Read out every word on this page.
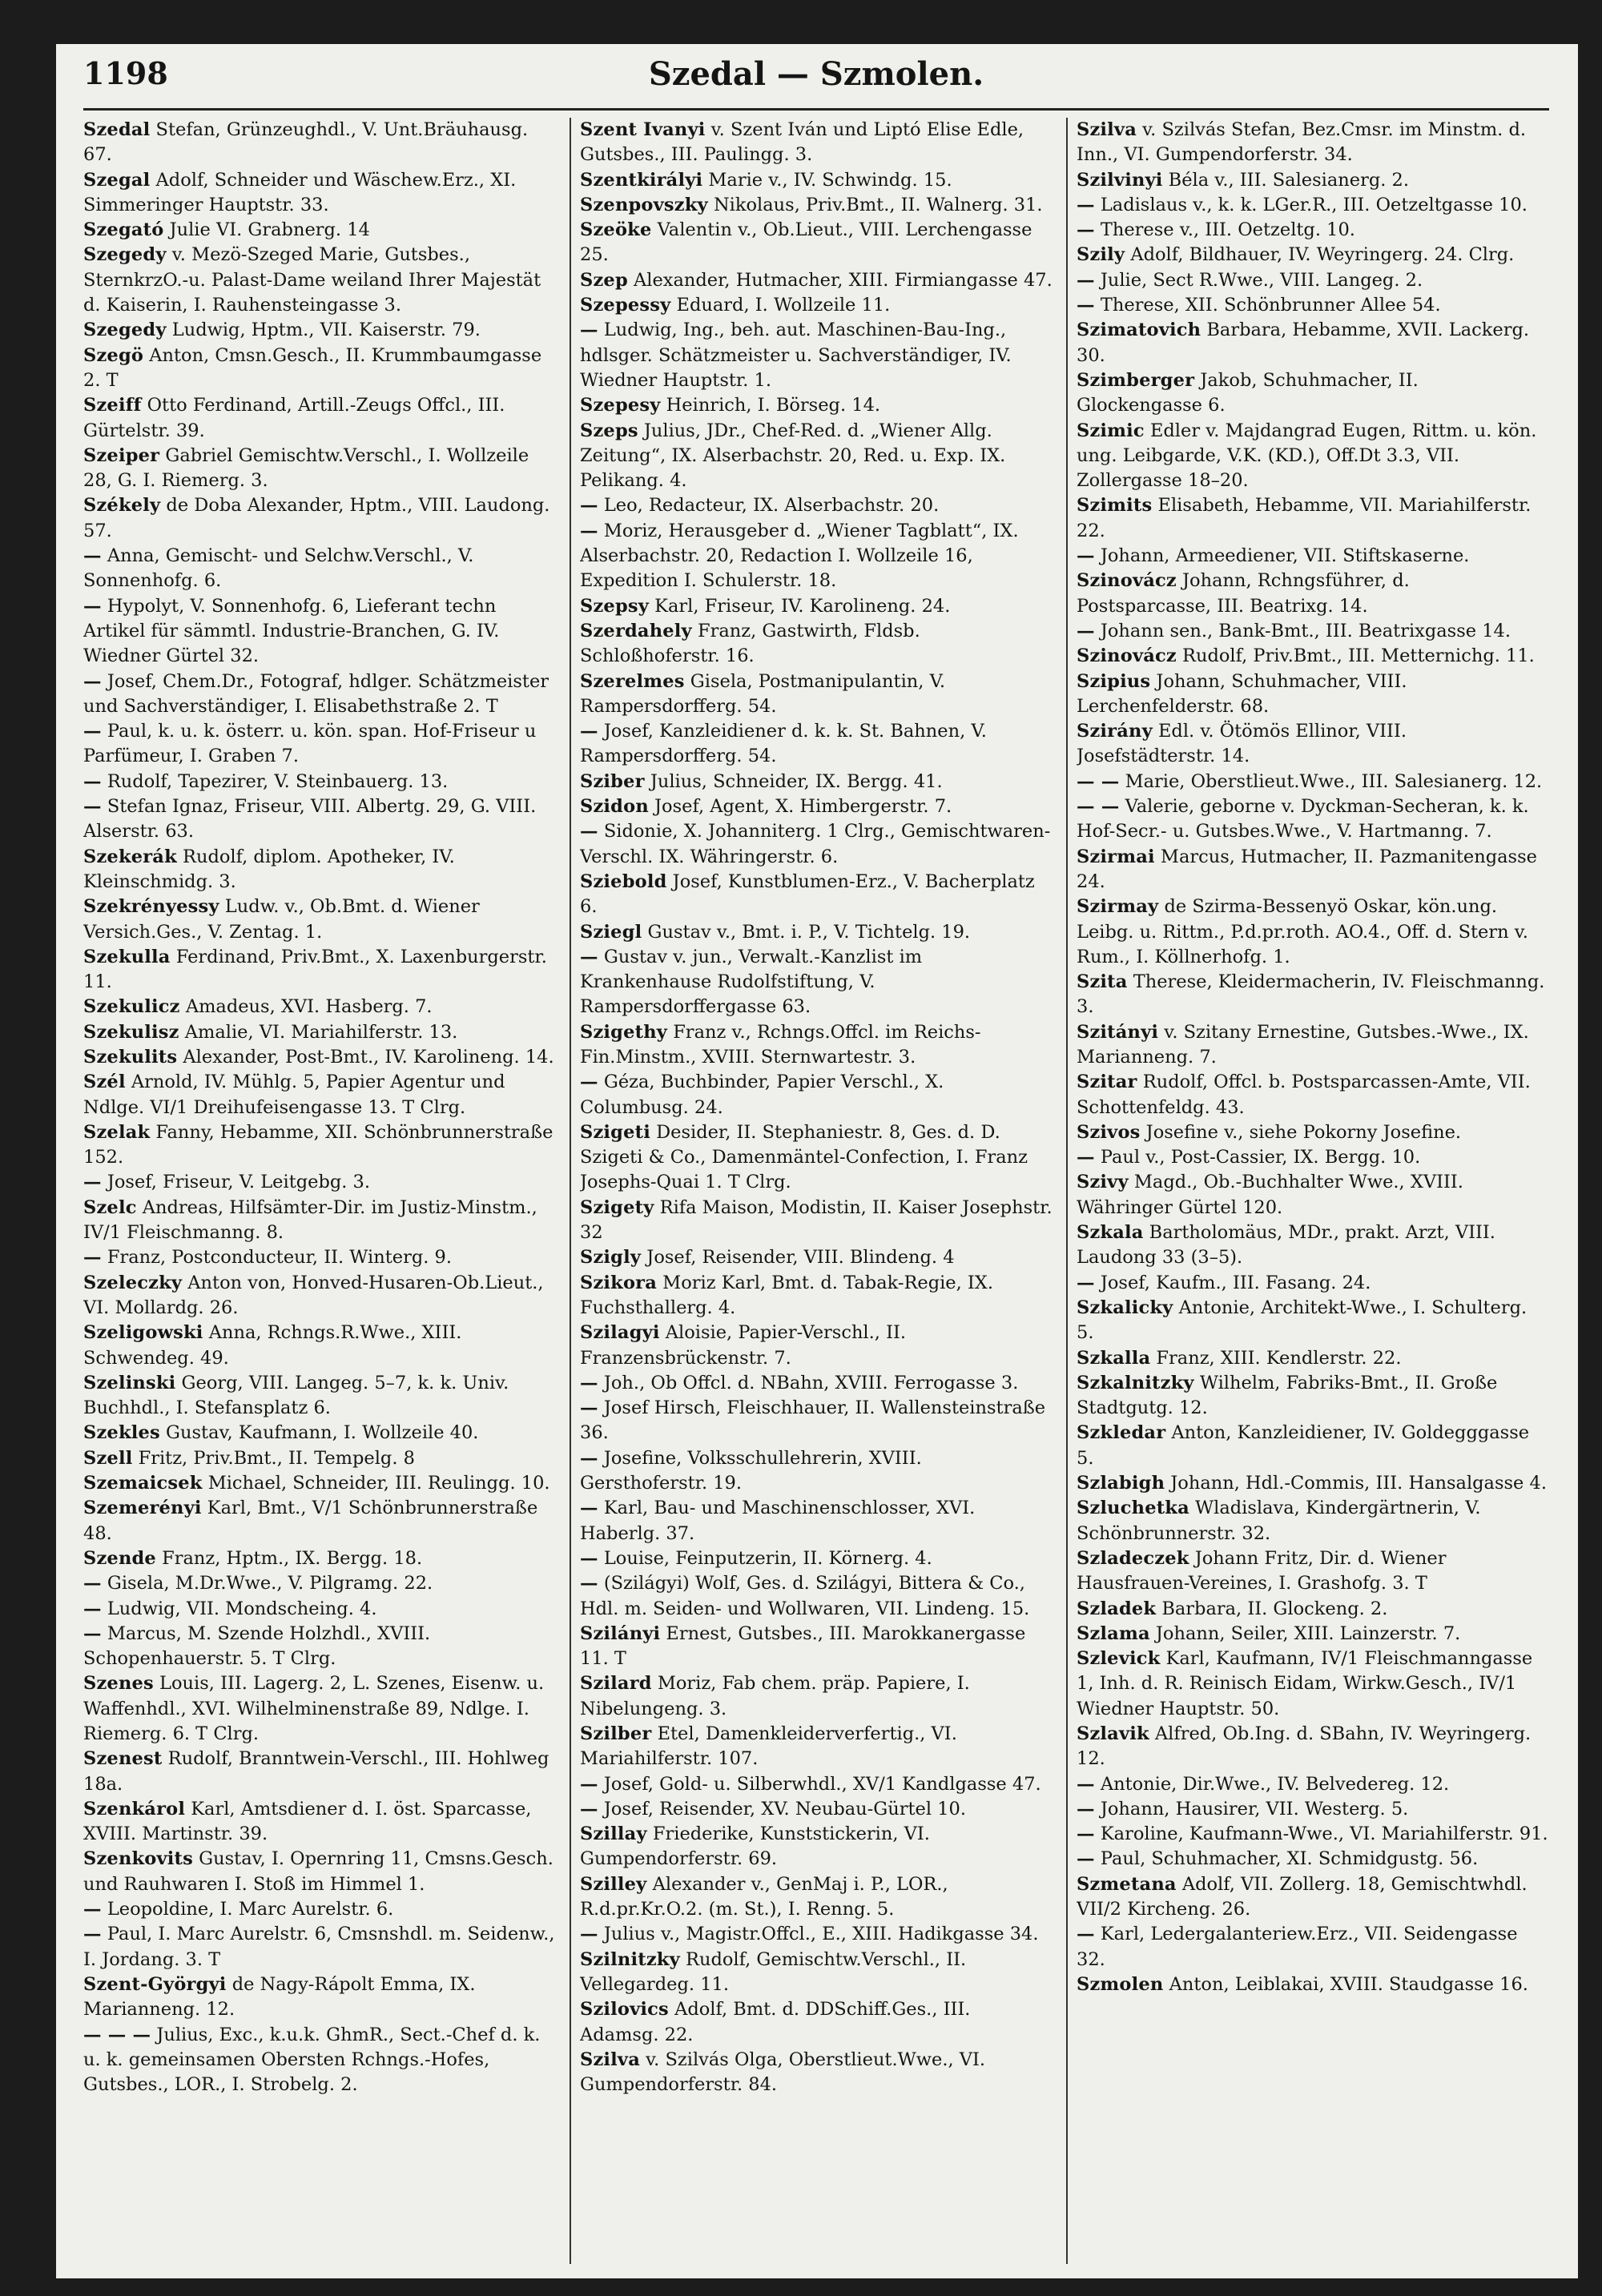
1198	Szedal — Szmolen.
Szedal Stefan, Grünzeughdl., V. Unt.Bräuhausg. 67.
Szegal Adolf, Schneider und Wäschew.Erz., XI. Simmeringer Hauptstr. 33.
Szegató Julie VI. Grabnerg. 14
Szegedy v. Mezö-Szeged Marie, Gutsbes., SternkrzO.-u. Palast-Dame weiland Ihrer Majestät d. Kaiserin, I. Rauhensteingasse 3.
Szegedy Ludwig, Hptm., VII. Kaiserstr. 79.
Szegö Anton, Cmsn.Gesch., II. Krummbaumgasse 2. T
Szeiff Otto Ferdinand, Artill.-Zeugs Offcl., III. Gürtelstr. 39.
Szeiper Gabriel Gemischtw.Verschl., I. Wollzeile 28, G. I. Riemerg. 3.
Székely de Doba Alexander, Hptm., VIII. Laudong. 57.
— Anna, Gemischt- und Selchw.Verschl., V. Sonnenhofg. 6.
— Hypolyt, V. Sonnenhofg. 6, Lieferant techn Artikel für sämmtl. Industrie-Branchen, G. IV. Wiedner Gürtel 32.
— Josef, Chem.Dr., Fotograf, hdlger. Schätzmeister und Sachverständiger, I. Elisabethstraße 2. T
— Paul, k. u. k. österr. u. kön. span. Hof-Friseur u Parfümeur, I. Graben 7.
— Rudolf, Tapezirer, V. Steinbauerg. 13.
— Stefan Ignaz, Friseur, VIII. Albertg. 29, G. VIII. Alserstr. 63.
Szekerák Rudolf, diplom. Apotheker, IV. Kleinschmidg. 3.
Szekrényessy Ludw. v., Ob.Bmt. d. Wiener Versich.Ges., V. Zentag. 1.
Szekulla Ferdinand, Priv.Bmt., X. Laxenburgerstr. 11.
Szekulicz Amadeus, XVI. Hasberg. 7.
Szekulisz Amalie, VI. Mariahilferstr. 13.
Szekulits Alexander, Post-Bmt., IV. Karolineng. 14.
Szél Arnold, IV. Mühlg. 5, Papier Agentur und Ndlge. VI/1 Dreihufeisengasse 13. T Clrg.
Szelak Fanny, Hebamme, XII. Schönbrunnerstraße 152.
— Josef, Friseur, V. Leitgebg. 3.
Szelc Andreas, Hilfsämter-Dir. im Justiz-Minstm., IV/1 Fleischmanng. 8.
— Franz, Postconducteur, II. Winterg. 9.
Szeleczky Anton von, Honved-Husaren-Ob.Lieut., VI. Mollardg. 26.
Szeligowski Anna, Rchngs.R.Wwe., XIII. Schwendeg. 49.
Szelinski Georg, VIII. Langeg. 5–7, k. k. Univ. Buchhdl., I. Stefansplatz 6.
Szekles Gustav, Kaufmann, I. Wollzeile 40.
Szell Fritz, Priv.Bmt., II. Tempelg. 8
Szemaicsek Michael, Schneider, III. Reulingg. 10.
Szemerényi Karl, Bmt., V/1 Schönbrunnerstraße 48.
Szende Franz, Hptm., IX. Bergg. 18.
— Gisela, M.Dr.Wwe., V. Pilgramg. 22.
— Ludwig, VII. Mondscheing. 4.
— Marcus, M. Szende Holzhdl., XVIII. Schopenhauerstr. 5. T Clrg.
Szenes Louis, III. Lagerg. 2, L. Szenes, Eisenw. u. Waffenhdl., XVI. Wilhelminenstraße 89, Ndlge. I. Riemerg. 6. T Clrg.
Szenest Rudolf, Branntwein-Verschl., III. Hohlweg 18a.
Szenkárol Karl, Amtsdiener d. I. öst. Sparcasse, XVIII. Martinstr. 39.
Szenkovits Gustav, I. Opernring 11, Cmsns.Gesch. und Rauhwaren I. Stoß im Himmel 1.
— Leopoldine, I. Marc Aurelstr. 6.
— Paul, I. Marc Aurelstr. 6, Cmsnshdl. m. Seidenw., I. Jordang. 3. T
Szent-Györgyi de Nagy-Rápolt Emma, IX. Marianneng. 12.
— — — Julius, Exc., k.u.k. GhmR., Sect.-Chef d. k. u. k. gemeinsamen Obersten Rchngs.-Hofes, Gutsbes., LOR., I. Strobelg. 2.
Szent Ivanyi v. Szent Iván und Liptó Elise Edle, Gutsbes., III. Paulingg. 3.
Szentkirályi Marie v., IV. Schwindg. 15.
Szenpovszky Nikolaus, Priv.Bmt., II. Walnerg. 31.
Szeöke Valentin v., Ob.Lieut., VIII. Lerchengasse 25.
Szep Alexander, Hutmacher, XIII. Firmiangasse 47.
Szepessy Eduard, I. Wollzeile 11.
— Ludwig, Ing., beh. aut. Maschinen-Bau-Ing., hdlsger. Schätzmeister u. Sachverständiger, IV. Wiedner Hauptstr. 1.
Szepesy Heinrich, I. Börseg. 14.
Szeps Julius, JDr., Chef-Red. d. „Wiener Allg. Zeitung“, IX. Alserbachstr. 20, Red. u. Exp. IX. Pelikang. 4.
— Leo, Redacteur, IX. Alserbachstr. 20.
— Moriz, Herausgeber d. „Wiener Tagblatt“, IX. Alserbachstr. 20, Redaction I. Wollzeile 16, Expedition I. Schulerstr. 18.
Szepsy Karl, Friseur, IV. Karolineng. 24.
Szerdahely Franz, Gastwirth, Fldsb. Schloßhoferstr. 16.
Szerelmes Gisela, Postmanipulantin, V. Rampersdorfferg. 54.
— Josef, Kanzleidiener d. k. k. St. Bahnen, V. Rampersdorfferg. 54.
Sziber Julius, Schneider, IX. Bergg. 41.
Szidon Josef, Agent, X. Himbergerstr. 7.
— Sidonie, X. Johanniterg. 1 Clrg., Gemischtwaren-Verschl. IX. Währingerstr. 6.
Sziebold Josef, Kunstblumen-Erz., V. Bacherplatz 6.
Sziegl Gustav v., Bmt. i. P., V. Tichtelg. 19.
— Gustav v. jun., Verwalt.-Kanzlist im Krankenhause Rudolfstiftung, V. Rampersdorffergasse 63.
Szigethy Franz v., Rchngs.Offcl. im Reichs-Fin.Minstm., XVIII. Sternwartestr. 3.
— Géza, Buchbinder, Papier Verschl., X. Columbusg. 24.
Szigeti Desider, II. Stephaniestr. 8, Ges. d. D. Szigeti & Co., Damenmäntel-Confection, I. Franz Josephs-Quai 1. T Clrg.
Szigety Rifa Maison, Modistin, II. Kaiser Josephstr. 32
Szigly Josef, Reisender, VIII. Blindeng. 4
Szikora Moriz Karl, Bmt. d. Tabak-Regie, IX. Fuchsthallerg. 4.
Szilagyi Aloisie, Papier-Verschl., II. Franzensbrückenstr. 7.
— Joh., Ob Offcl. d. NBahn, XVIII. Ferrogasse 3.
— Josef Hirsch, Fleischhauer, II. Wallensteinstraße 36.
— Josefine, Volksschullehrerin, XVIII. Gersthoferstr. 19.
— Karl, Bau- und Maschinenschlosser, XVI. Haberlg. 37.
— Louise, Feinputzerin, II. Körnerg. 4.
— (Szilágyi) Wolf, Ges. d. Szilágyi, Bittera & Co., Hdl. m. Seiden- und Wollwaren, VII. Lindeng. 15.
Szilányi Ernest, Gutsbes., III. Marokkanergasse 11. T
Szilard Moriz, Fab chem. präp. Papiere, I. Nibelungeng. 3.
Szilber Etel, Damenkleiderverfertig., VI. Mariahilferstr. 107.
— Josef, Gold- u. Silberwhdl., XV/1 Kandlgasse 47.
— Josef, Reisender, XV. Neubau-Gürtel 10.
Szillay Friederike, Kunststickerin, VI. Gumpendorferstr. 69.
Szilley Alexander v., GenMaj i. P., LOR., R.d.pr.Kr.O.2. (m. St.), I. Renng. 5.
— Julius v., Magistr.Offcl., E., XIII. Hadikgasse 34.
Szilnitzky Rudolf, Gemischtw.Verschl., II. Vellegardeg. 11.
Szilovics Adolf, Bmt. d. DDSchiff.Ges., III. Adamsg. 22.
Szilva v. Szilvás Olga, Oberstlieut.Wwe., VI. Gumpendorferstr. 84.
Szilva v. Szilvás Stefan, Bez.Cmsr. im Minstm. d. Inn., VI. Gumpendorferstr. 34.
Szilvinyi Béla v., III. Salesianerg. 2.
— Ladislaus v., k. k. LGer.R., III. Oetzeltgasse 10.
— Therese v., III. Oetzeltg. 10.
Szily Adolf, Bildhauer, IV. Weyringerg. 24. Clrg.
— Julie, Sect R.Wwe., VIII. Langeg. 2.
— Therese, XII. Schönbrunner Allee 54.
Szimatovich Barbara, Hebamme, XVII. Lackerg. 30.
Szimberger Jakob, Schuhmacher, II. Glockengasse 6.
Szimic Edler v. Majdangrad Eugen, Rittm. u. kön. ung. Leibgarde, V.K. (KD.), Off.Dt 3.3, VII. Zollergasse 18–20.
Szimits Elisabeth, Hebamme, VII. Mariahilferstr. 22.
— Johann, Armeediener, VII. Stiftskaserne.
Szinovácz Johann, Rchngsführer, d. Postsparcasse, III. Beatrixg. 14.
— Johann sen., Bank-Bmt., III. Beatrixgasse 14.
Szinovácz Rudolf, Priv.Bmt., III. Metternichg. 11.
Szipius Johann, Schuhmacher, VIII. Lerchenfelderstr. 68.
Szirány Edl. v. Ötömös Ellinor, VIII. Josefstädterstr. 14.
— — Marie, Oberstlieut.Wwe., III. Salesianerg. 12.
— — Valerie, geborne v. Dyckman-Secheran, k. k. Hof-Secr.- u. Gutsbes.Wwe., V. Hartmanng. 7.
Szirmai Marcus, Hutmacher, II. Pazmanitengasse 24.
Szirmay de Szirma-Bessenyö Oskar, kön.ung. Leibg. u. Rittm., P.d.pr.roth. AO.4., Off. d. Stern v. Rum., I. Köllnerhofg. 1.
Szita Therese, Kleidermacherin, IV. Fleischmanng. 3.
Szitányi v. Szitany Ernestine, Gutsbes.-Wwe., IX. Marianneng. 7.
Szitar Rudolf, Offcl. b. Postsparcassen-Amte, VII. Schottenfeldg. 43.
Szivos Josefine v., siehe Pokorny Josefine.
— Paul v., Post-Cassier, IX. Bergg. 10.
Szivy Magd., Ob.-Buchhalter Wwe., XVIII. Währinger Gürtel 120.
Szkala Bartholomäus, MDr., prakt. Arzt, VIII. Laudong 33 (3–5).
— Josef, Kaufm., III. Fasang. 24.
Szkalicky Antonie, Architekt-Wwe., I. Schulterg. 5.
Szkalla Franz, XIII. Kendlerstr. 22.
Szkalnitzky Wilhelm, Fabriks-Bmt., II. Große Stadtgutg. 12.
Szkledar Anton, Kanzleidiener, IV. Goldegggasse 5.
Szlabigh Johann, Hdl.-Commis, III. Hansalgasse 4.
Szluchetka Wladislava, Kindergärtnerin, V. Schönbrunnerstr. 32.
Szladeczek Johann Fritz, Dir. d. Wiener Hausfrauen-Vereines, I. Grashofg. 3. T
Szladek Barbara, II. Glockeng. 2.
Szlama Johann, Seiler, XIII. Lainzerstr. 7.
Szlevick Karl, Kaufmann, IV/1 Fleischmanngasse 1, Inh. d. R. Reinisch Eidam, Wirkw.Gesch., IV/1 Wiedner Hauptstr. 50.
Szlavik Alfred, Ob.Ing. d. SBahn, IV. Weyringerg. 12.
— Antonie, Dir.Wwe., IV. Belvedereg. 12.
— Johann, Hausirer, VII. Westerg. 5.
— Karoline, Kaufmann-Wwe., VI. Mariahilferstr. 91.
— Paul, Schuhmacher, XI. Schmidgustg. 56.
Szmetana Adolf, VII. Zollerg. 18, Gemischtwhdl. VII/2 Kircheng. 26.
— Karl, Ledergalanteriew.Erz., VII. Seidengasse 32.
Szmolen Anton, Leiblakai, XVIII. Staudgasse 16.
